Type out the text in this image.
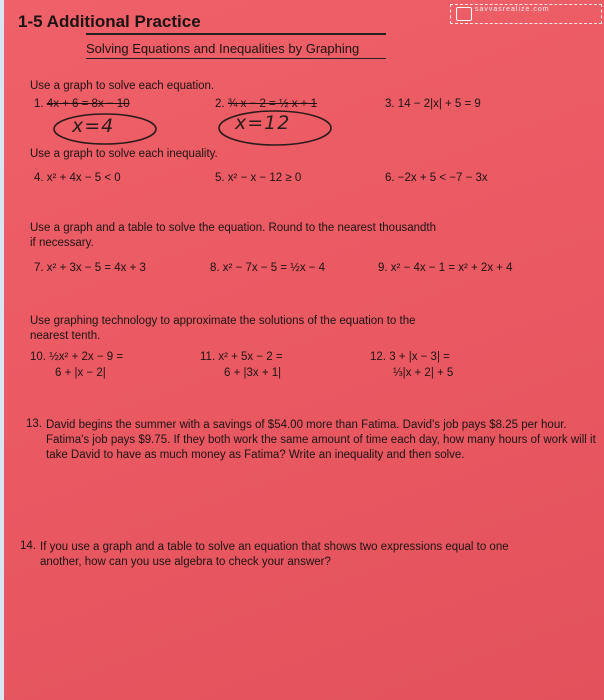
savvasrealize.com
1-5 Additional Practice
Solving Equations and Inequalities by Graphing
Use a graph to solve each equation.
1. 4x + 6 = 8x − 10	2. ¾ x − 2 = ½ x + 1	3. 14 − 2|x| + 5 = 9
x=4	x=12
Use a graph to solve each inequality.
4. x² + 4x − 5 < 0	5. x² − x − 12 ≥ 0	6. −2x + 5 < −7 − 3x
Use a graph and a table to solve the equation. Round to the nearest thousandth
if necessary.
7. x² + 3x − 5 = 4x + 3	8. x² − 7x − 5 = ½x − 4	9. x² − 4x − 1 = x² + 2x + 4
Use graphing technology to approximate the solutions of the equation to the
nearest tenth.
10. ½x² + 2x − 9 =
6 + |x − 2|
11. x² + 5x − 2 =
6 + |3x + 1|
12. 3 + |x − 3| =
⅓|x + 2| + 5
13. David begins the summer with a savings of $54.00 more than Fatima. David's job pays $8.25 per hour. Fatima's job pays $9.75. If they both work the same amount of time each day, how many hours of work will it take David to have as much money as Fatima? Write an inequality and then solve.
14. If you use a graph and a table to solve an equation that shows two expressions equal to one another, how can you use algebra to check your answer?
